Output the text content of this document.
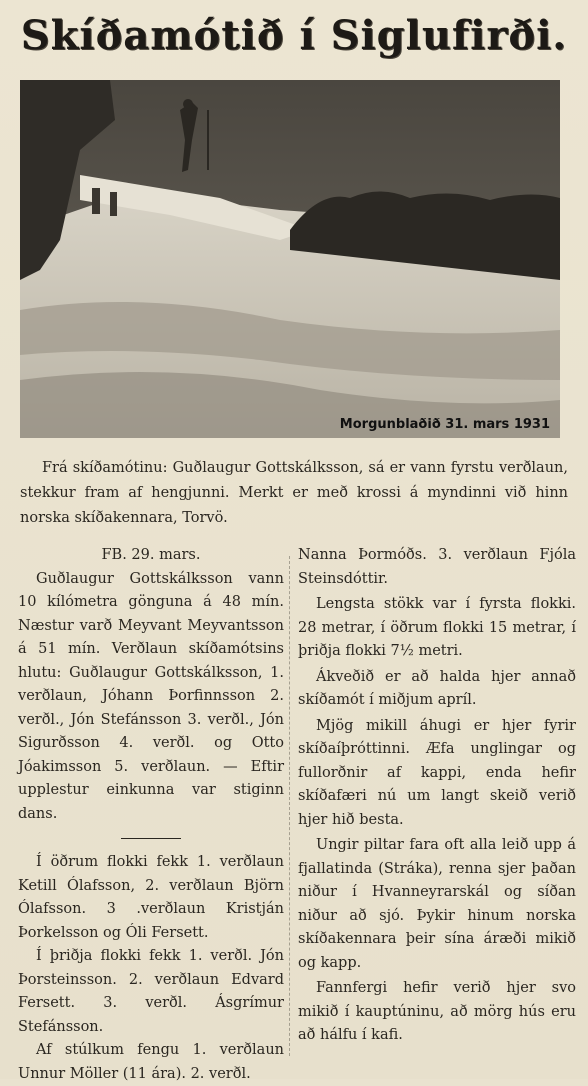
Skíðamótið í Siglufirði.
Morgunblaðið 31. mars 1931
Frá skíðamótinu: Guðlaugur Gottskálksson, sá er vann fyrstu verðlaun, stekkur fram af hengjunni. Merkt er með krossi á myndinni við hinn norska skíðakennara, Torvö.

FB. 29. mars.

Guðlaugur Gottskálksson vann 10 kílómetra gönguna á 48 mín. Næstur varð Meyvant Meyvantsson á 51 mín. Verðlaun skíðamótsins hlutu: Guðlaugur Gottskálksson, 1. verðlaun, Jóhann Þorfinnsson 2. verðl., Jón Stefánsson 3. verðl., Jón Sigurðsson 4. verðl. og Otto Jóakimsson 5. verðlaun. — Eftir upplestur einkunna var stiginn dans.

Í öðrum flokki fekk 1. verðlaun Ketill Ólafsson, 2. verðlaun Björn Ólafsson. 3 .verðlaun Kristján Þorkelsson og Óli Fersett.

Í þriðja flokki fekk 1. verðl. Jón Þorsteinsson. 2. verðlaun Edvard Fersett. 3. verðl. Ásgrímur Stefánsson.

Af stúlkum fengu 1. verðlaun Unnur Möller (11 ára). 2. verðl.

Nanna Þormóðs. 3. verðlaun Fjóla Steinsdóttir.

Lengsta stökk var í fyrsta flokki. 28 metrar, í öðrum flokki 15 metrar, í þriðja flokki 7½ metri.

Ákveðið er að halda hjer annað skíðamót í miðjum apríl.

Mjög mikill áhugi er hjer fyrir skíðaíþróttinni. Æfa unglingar og fullorðnir af kappi, enda hefir skíðafæri nú um langt skeið verið hjer hið besta.

Ungir piltar fara oft alla leið upp á fjallatinda (Stráka), renna sjer þaðan niður í Hvanneyrarskál og síðan niður að sjó. Þykir hinum norska skíðakennara þeir sína áræði mikið og kapp.

Fannfergi hefir verið hjer svo mikið í kauptúninu, að mörg hús eru að hálfu í kafi.
